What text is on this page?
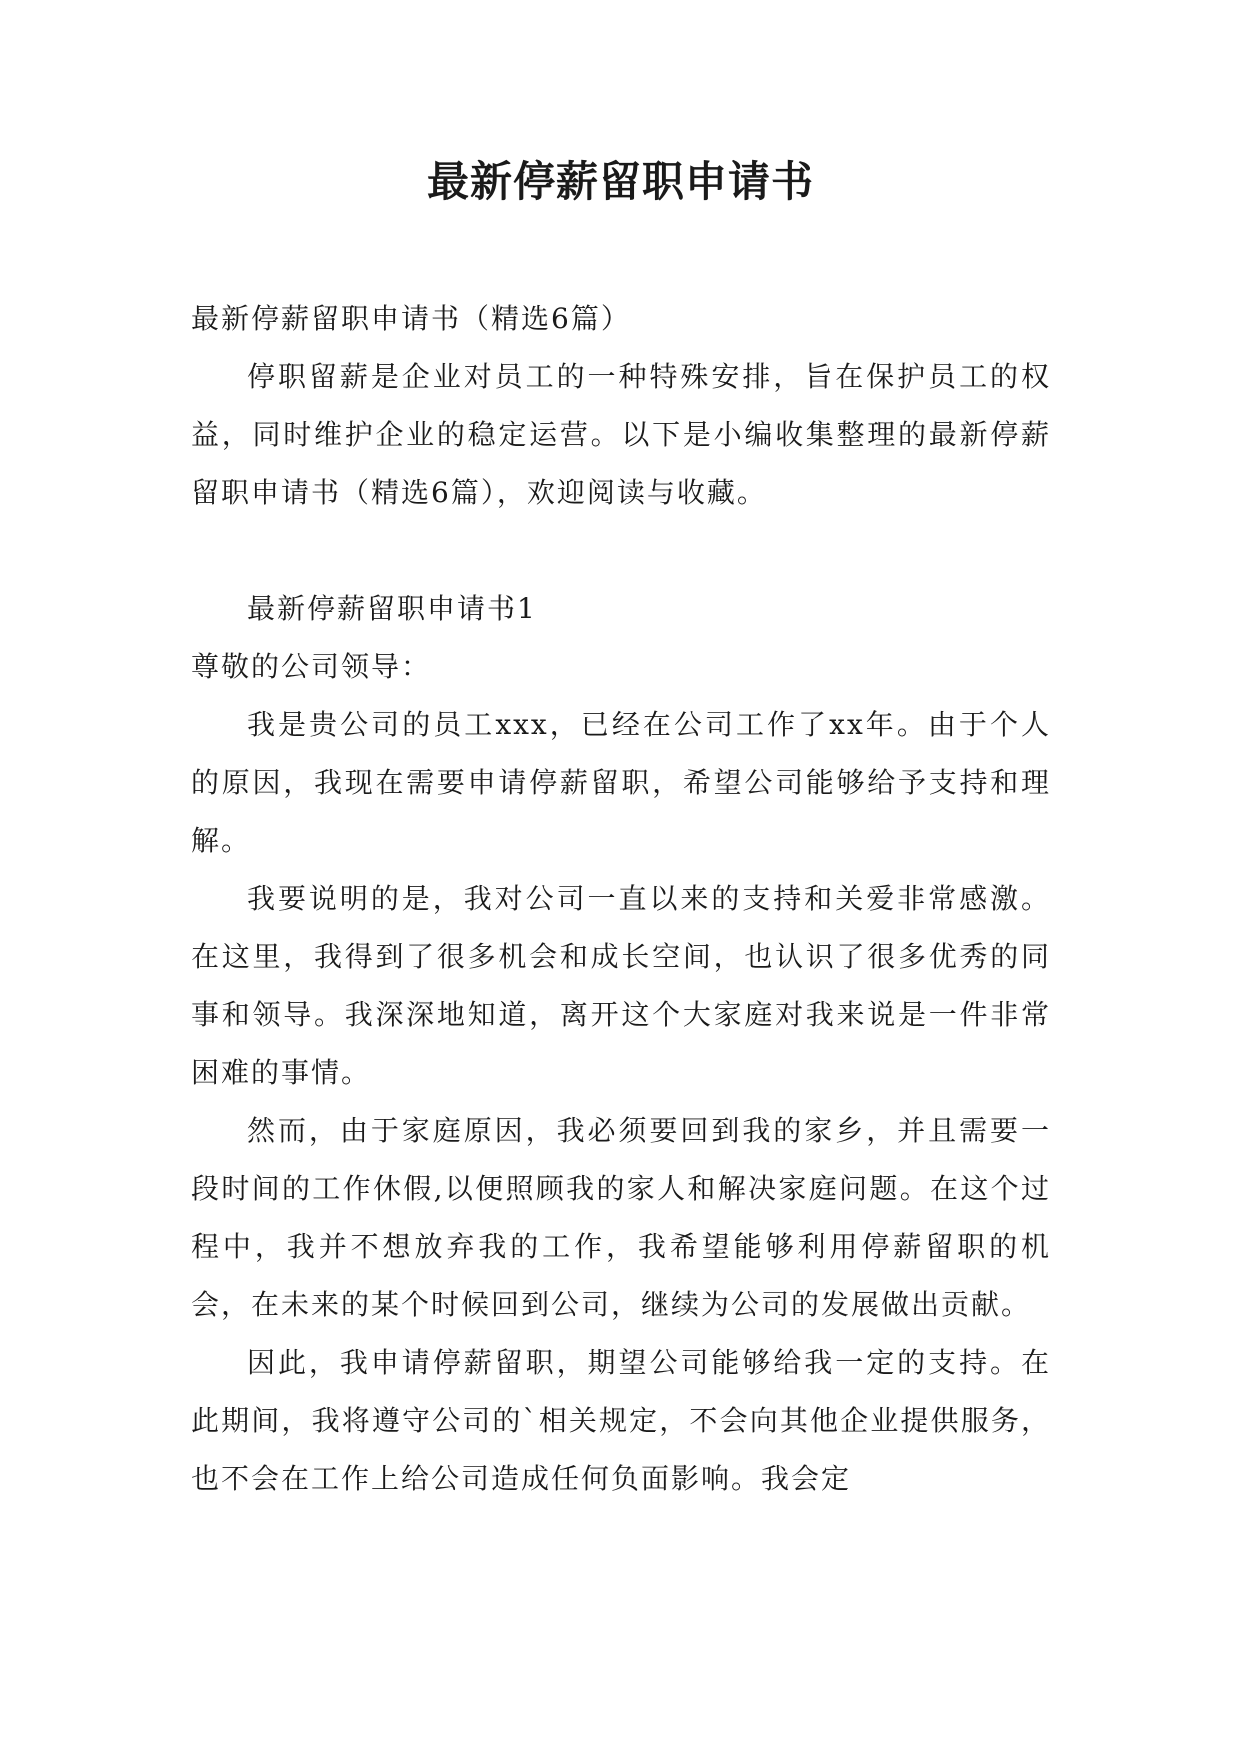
最新停薪留职申请书

最新停薪留职申请书（精选6篇）

停职留薪是企业对员工的一种特殊安排，旨在保护员工的权益，同时维护企业的稳定运营。以下是小编收集整理的最新停薪留职申请书（精选6篇），欢迎阅读与收藏。

最新停薪留职申请书1

尊敬的公司领导：

我是贵公司的员工xxx，已经在公司工作了xx年。由于个人的原因，我现在需要申请停薪留职，希望公司能够给予支持和理解。

我要说明的是，我对公司一直以来的支持和关爱非常感激。在这里，我得到了很多机会和成长空间，也认识了很多优秀的同事和领导。我深深地知道，离开这个大家庭对我来说是一件非常困难的事情。

然而，由于家庭原因，我必须要回到我的家乡，并且需要一段时间的工作休假,以便照顾我的家人和解决家庭问题。在这个过程中，我并不想放弃我的工作，我希望能够利用停薪留职的机会，在未来的某个时候回到公司，继续为公司的发展做出贡献。

因此，我申请停薪留职，期望公司能够给我一定的支持。在此期间，我将遵守公司的`相关规定，不会向其他企业提供服务，也不会在工作上给公司造成任何负面影响。我会定
